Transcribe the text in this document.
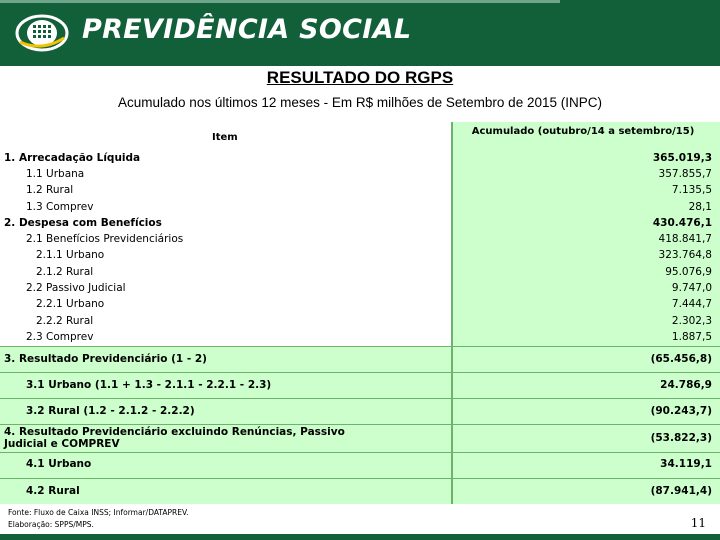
PREVIDÊNCIA SOCIAL
RESULTADO DO RGPS
Acumulado nos últimos 12 meses - Em R$ milhões de Setembro de 2015 (INPC)
Item
Acumulado (outubro/14 a setembro/15)
1. Arrecadação Líquida	365.019,3
1.1 Urbana	357.855,7
1.2 Rural	7.135,5
1.3 Comprev	28,1
2. Despesa com Benefícios	430.476,1
2.1 Benefícios Previdenciários	418.841,7
2.1.1 Urbano	323.764,8
2.1.2 Rural	95.076,9
2.2 Passivo Judicial	9.747,0
2.2.1 Urbano	7.444,7
2.2.2 Rural	2.302,3
2.3 Comprev	1.887,5
3. Resultado Previdenciário (1 - 2)	(65.456,8)
3.1 Urbano (1.1 + 1.3 - 2.1.1 - 2.2.1 - 2.3)	24.786,9
3.2 Rural (1.2 - 2.1.2 - 2.2.2)	(90.243,7)
4. Resultado Previdenciário excluindo Renúncias, Passivo
Judicial e COMPREV	(53.822,3)
4.1 Urbano	34.119,1
4.2 Rural	(87.941,4)
Fonte: Fluxo de Caixa INSS; Informar/DATAPREV.
Elaboração: SPPS/MPS.	11
